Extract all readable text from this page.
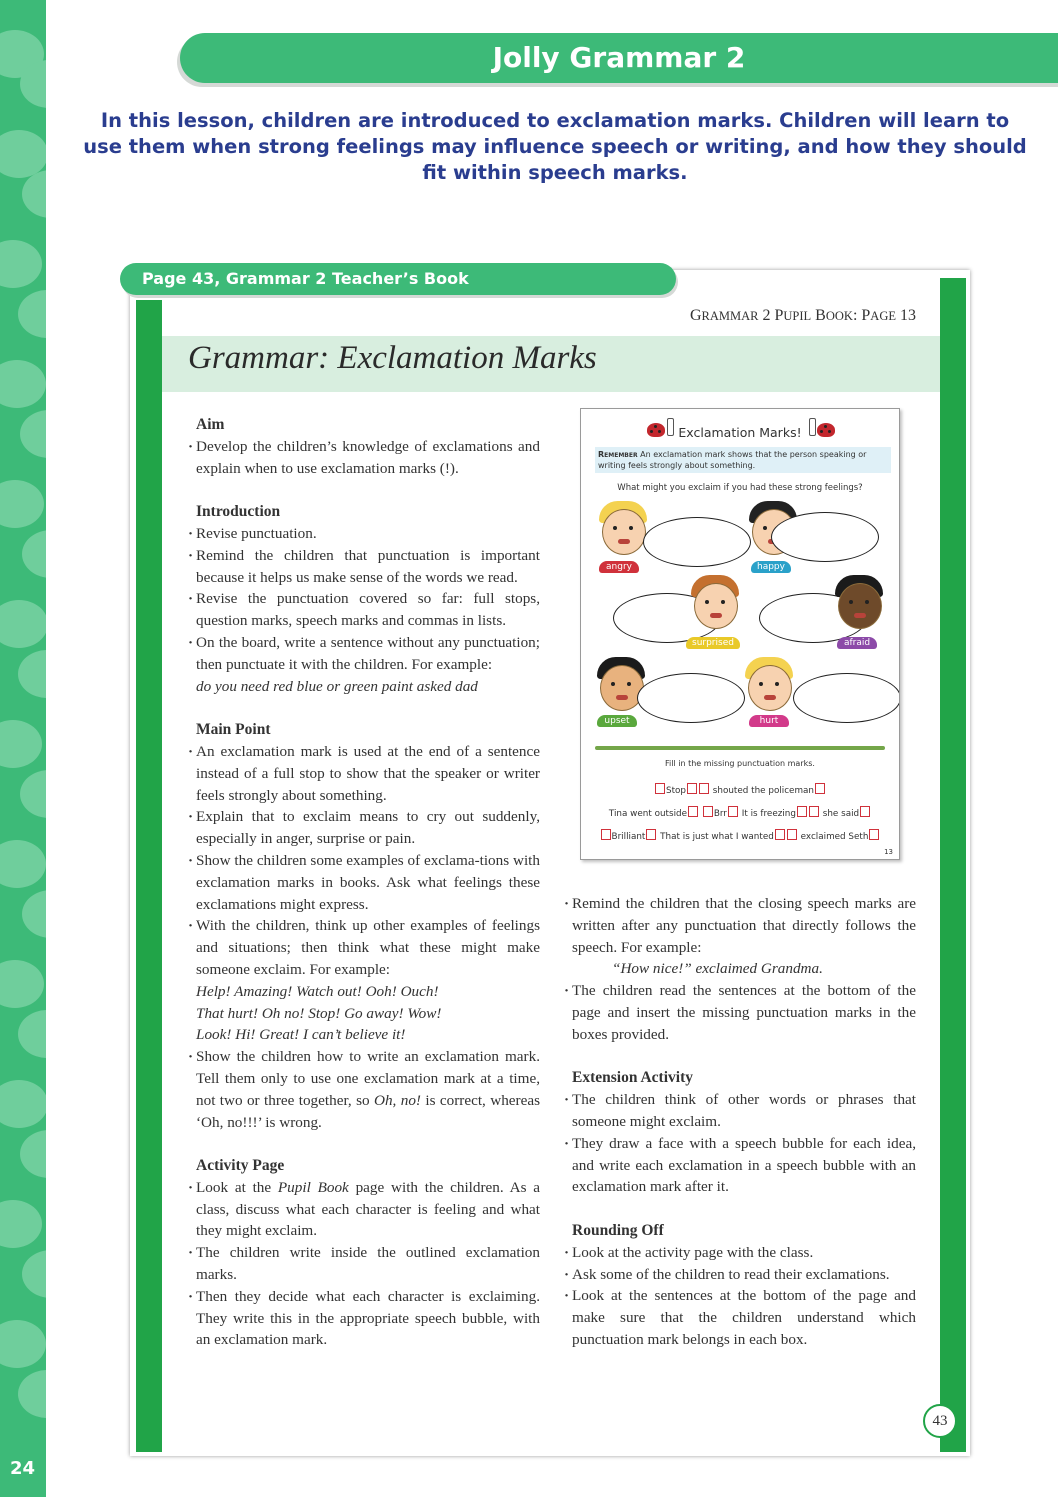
24
Jolly Grammar 2

In this lesson, children are introduced to exclamation marks. Children will learn to use them when strong feelings may influence speech or writing, and how they should fit within speech marks.

Page 43, Grammar 2 Teacher’s Book
GRAMMAR 2 PUPIL BOOK: PAGE 13
Grammar: Exclamation Marks

Aim

· Develop the children’s knowledge of exclamations and explain when to use exclamation marks (!).

Introduction

· Revise punctuation.
· Remind the children that punctuation is important because it helps us make sense of the words we read.
· Revise the punctuation covered so far: full stops, question marks, speech marks and commas in lists.
· On the board, write a sentence without any punctuation; then punctuate it with the children. For example:
do you need red blue or green paint asked dad

Main Point

· An exclamation mark is used at the end of a sentence instead of a full stop to show that the speaker or writer feels strongly about something.
· Explain that to exclaim means to cry out suddenly, especially in anger, surprise or pain.
· Show the children some examples of exclama-tions with exclamation marks in books. Ask what feelings these exclamations might express.
· With the children, think up other examples of feelings and situations; then think what these might make someone exclaim. For example:
Help! Amazing! Watch out! Ooh! Ouch!
That hurt! Oh no! Stop! Go away! Wow!
Look! Hi! Great! I can’t believe it!
· Show the children how to write an exclamation mark. Tell them only to use one exclamation mark at a time, not two or three together, so Oh, no! is correct, whereas ‘Oh, no!!!’ is wrong.

Activity Page

· Look at the Pupil Book page with the children. As a class, discuss what each character is feeling and what they might exclaim.
· The children write inside the outlined exclamation marks.
· Then they decide what each character is exclaiming. They write this in the appropriate speech bubble, with an exclamation mark.
Exclamation Marks!
Remember An exclamation mark shows that the person speaking or writing feels strongly about something.
What might you exclaim if you had these strong feelings?
angry	happy
surprised	afraid
upset	hurt
Fill in the missing punctuation marks.
Stop	shouted the policeman
Tina went outside	Brr It is freezing	she said
Brilliant That is just what I wanted	exclaimed Seth
13
· Remind the children that the closing speech marks are written after any punctuation that directly follows the speech. For example:
“How nice!” exclaimed Grandma.
· The children read the sentences at the bottom of the page and insert the missing punctuation marks in the boxes provided.

Extension Activity

· The children think of other words or phrases that someone might exclaim.
· They draw a face with a speech bubble for each idea, and write each exclamation in a speech bubble with an exclamation mark after it.

Rounding Off

· Look at the activity page with the class.
· Ask some of the children to read their exclamations.
· Look at the sentences at the bottom of the page and make sure that the children understand which punctuation mark belongs in each box.
43
